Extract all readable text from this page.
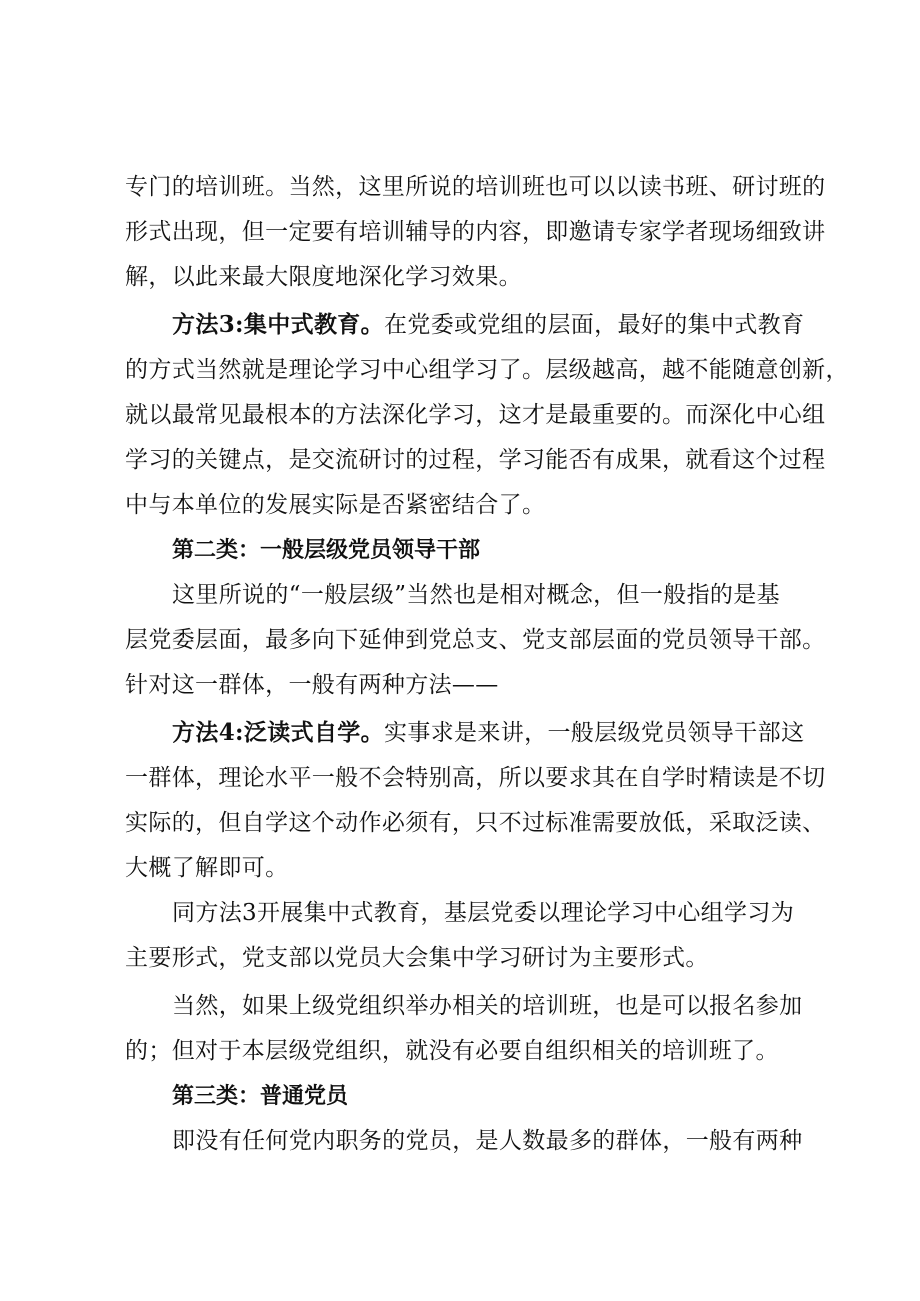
专门的培训班。当然，这里所说的培训班也可以以读书班、研讨班的
形式出现，但一定要有培训辅导的内容，即邀请专家学者现场细致讲
解，以此来最大限度地深化学习效果。
方法3:集中式教育。在党委或党组的层面，最好的集中式教育
的方式当然就是理论学习中心组学习了。层级越高，越不能随意创新，
就以最常见最根本的方法深化学习，这才是最重要的。而深化中心组
学习的关键点，是交流研讨的过程，学习能否有成果，就看这个过程
中与本单位的发展实际是否紧密结合了。
第二类：一般层级党员领导干部
这里所说的“一般层级”当然也是相对概念，但一般指的是基
层党委层面，最多向下延伸到党总支、党支部层面的党员领导干部。
针对这一群体，一般有两种方法——
方法4:泛读式自学。实事求是来讲，一般层级党员领导干部这
一群体，理论水平一般不会特别高，所以要求其在自学时精读是不切
实际的，但自学这个动作必须有，只不过标准需要放低，采取泛读、
大概了解即可。
同方法3开展集中式教育，基层党委以理论学习中心组学习为
主要形式，党支部以党员大会集中学习研讨为主要形式。
当然，如果上级党组织举办相关的培训班，也是可以报名参加
的；但对于本层级党组织，就没有必要自组织相关的培训班了。
第三类：普通党员
即没有任何党内职务的党员，是人数最多的群体，一般有两种
